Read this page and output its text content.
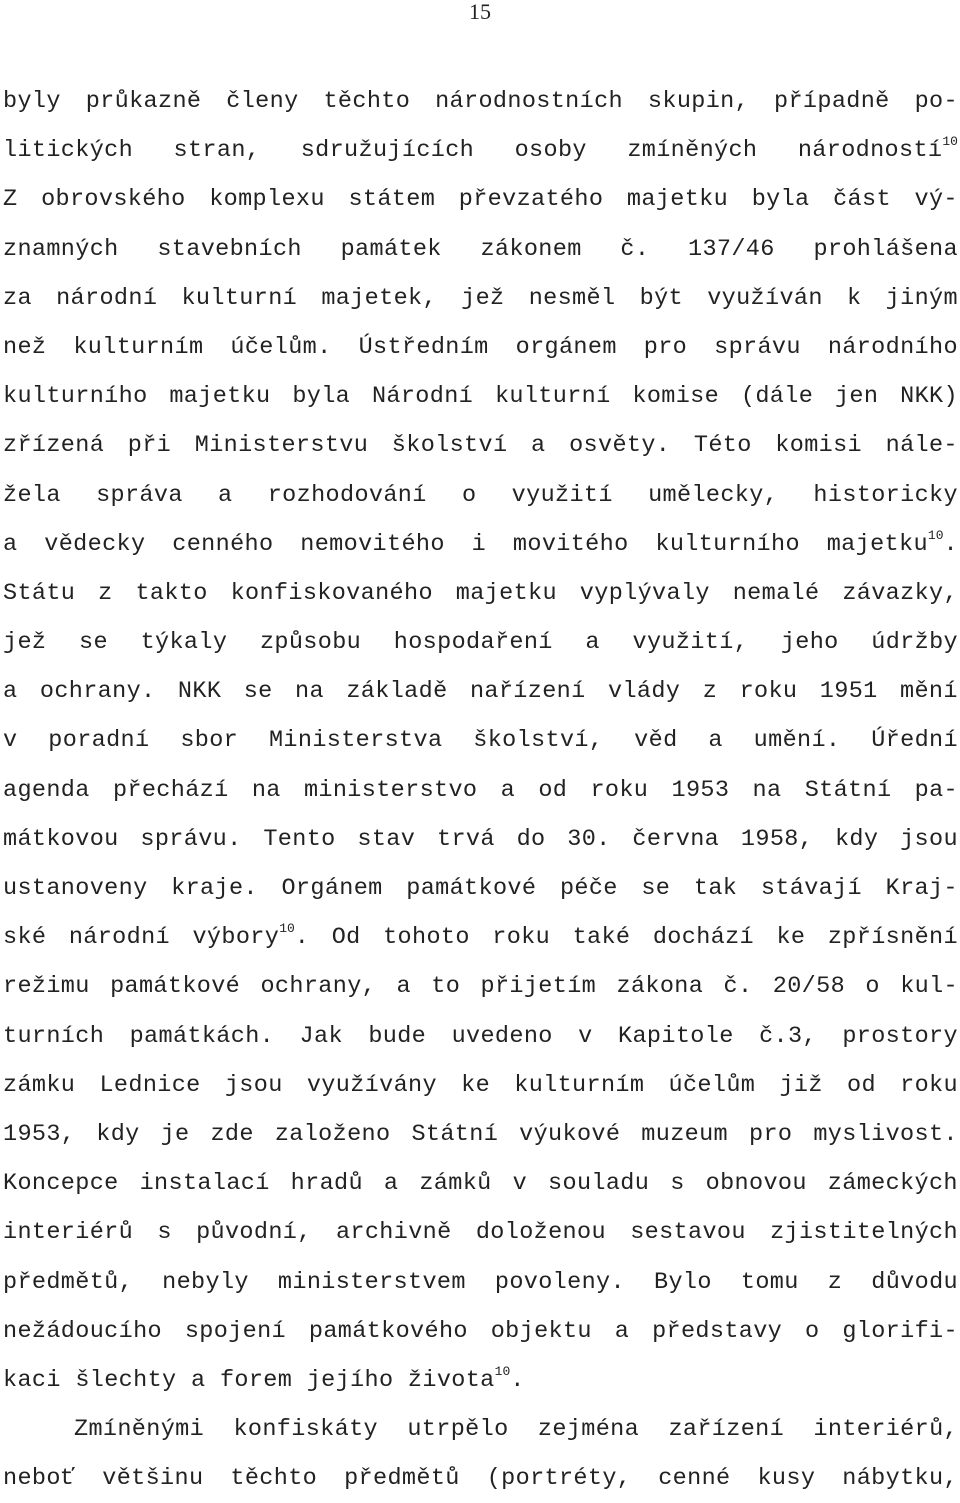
15
byly průkazně členy těchto národnostních skupin, případně po-
litických stran, sdružujících osoby zmíněných národností$^{10}$
Z obrovského komplexu státem převzatého majetku byla část vý-
znamných stavebních památek zákonem č. 137/46 prohlášena
za národní kulturní majetek, jež nesměl být využíván k jiným
než kulturním účelům. Ústředním orgánem pro správu národního
kulturního majetku byla Národní kulturní komise (dále jen NKK)
zřízená při Ministerstvu školství a osvěty. Této komisi nále-
žela správa a rozhodování o využití umělecky, historicky
a vědecky cenného nemovitého i movitého kulturního majetku$^{10}$.
Státu z takto konfiskovaného majetku vyplývaly nemalé závazky,
jež se týkaly způsobu hospodaření a využití, jeho údržby
a ochrany. NKK se na základě nařízení vlády z roku 1951 mění
v poradní sbor Ministerstva školství, věd a umění. Úřední
agenda přechází na ministerstvo a od roku 1953 na Státní pa-
mátkovou správu. Tento stav trvá do 30. června 1958, kdy jsou
ustanoveny kraje. Orgánem památkové péče se tak stávají Kraj-
ské národní výbory$^{10}$. Od tohoto roku také dochází ke zpřísnění
režimu památkové ochrany, a to přijetím zákona č. 20/58 o kul-
turních památkách. Jak bude uvedeno v Kapitole č.3, prostory
zámku Lednice jsou využívány ke kulturním účelům již od roku
1953, kdy je zde založeno Státní výukové muzeum pro myslivost.
Koncepce instalací hradů a zámků v souladu s obnovou zámeckých
interiérů s původní, archivně doloženou sestavou zjistitelných
předmětů, nebyly ministerstvem povoleny. Bylo tomu z důvodu
nežádoucího spojení památkového objektu a představy o glorifi-
kaci šlechty a forem jejího života$^{10}$.
Zmíněnými konfiskáty utrpělo zejména zařízení interiérů,
neboť většinu těchto předmětů (portréty, cenné kusy nábytku,
